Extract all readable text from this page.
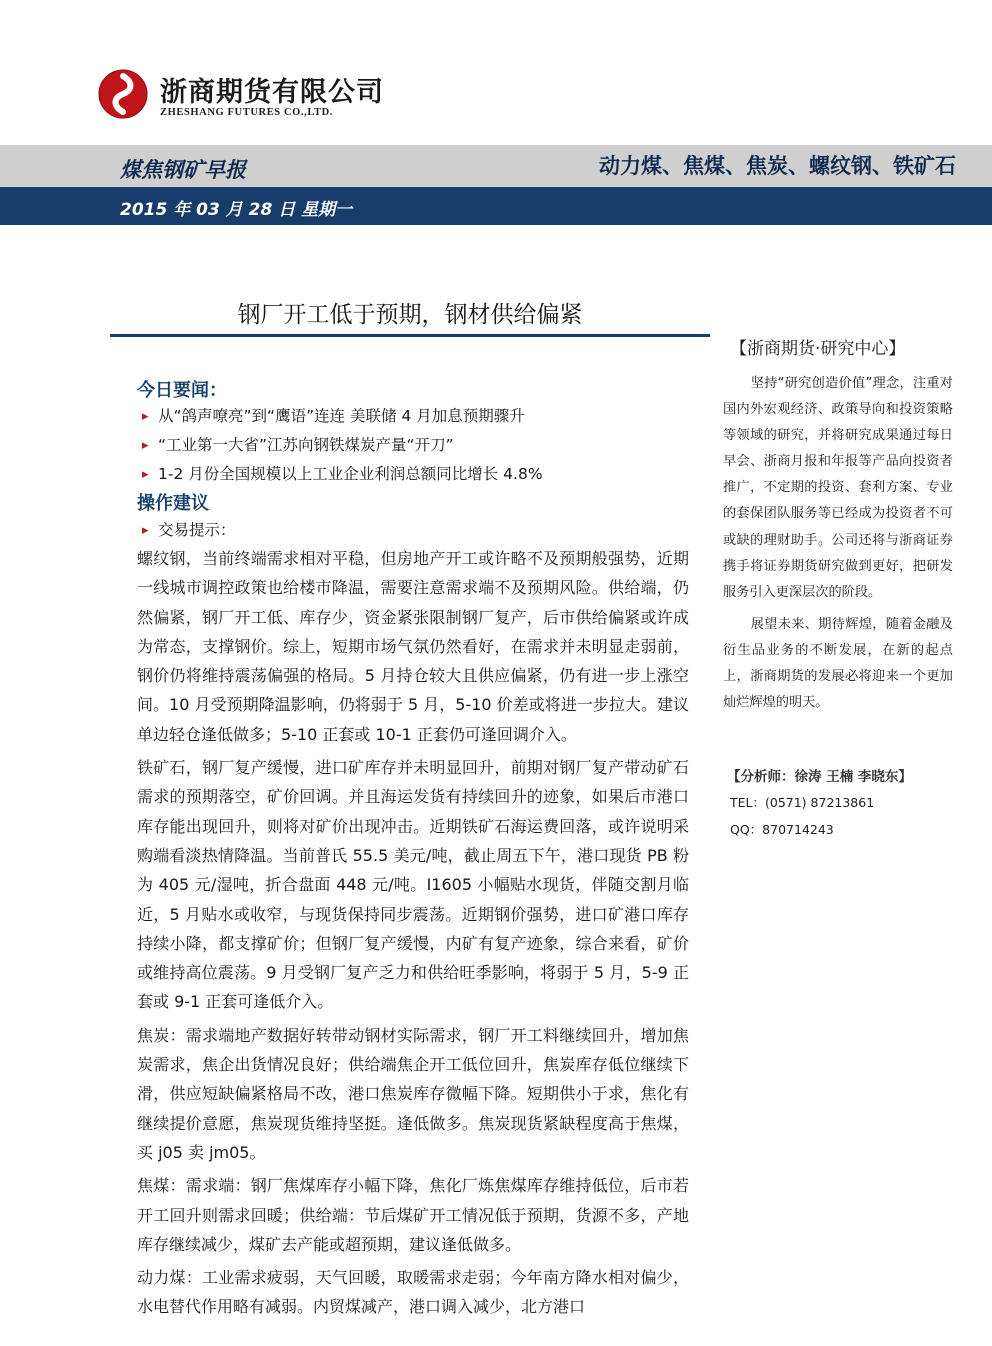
浙商期货有限公司
ZHESHANG FUTURES CO.,LTD.
煤焦钢矿早报	动力煤、焦煤、焦炭、螺纹钢、铁矿石
2015 年 03 月 28 日 星期一
钢厂开工低于预期，钢材供给偏紧
今日要闻：
▸ 从“鸽声嘹亮”到“鹰语”连连 美联储 4 月加息预期骤升
▸ “工业第一大省”江苏向钢铁煤炭产量“开刀”
▸ 1-2 月份全国规模以上工业企业利润总额同比增长 4.8%
操作建议
▸ 交易提示：

螺纹钢，当前终端需求相对平稳，但房地产开工或许略不及预期般强势，近期一线城市调控政策也给楼市降温，需要注意需求端不及预期风险。供给端，仍然偏紧，钢厂开工低、库存少，资金紧张限制钢厂复产，后市供给偏紧或许成为常态，支撑钢价。综上，短期市场气氛仍然看好，在需求并未明显走弱前，钢价仍将维持震荡偏强的格局。5 月持仓较大且供应偏紧，仍有进一步上涨空间。10 月受预期降温影响，仍将弱于 5 月，5-10 价差或将进一步拉大。建议单边轻仓逢低做多；5-10 正套或 10-1 正套仍可逢回调介入。

铁矿石，钢厂复产缓慢，进口矿库存并未明显回升，前期对钢厂复产带动矿石需求的预期落空，矿价回调。并且海运发货有持续回升的迹象，如果后市港口库存能出现回升，则将对矿价出现冲击。近期铁矿石海运费回落，或许说明采购端看淡热情降温。当前普氏 55.5 美元/吨，截止周五下午，港口现货 PB 粉为 405 元/湿吨，折合盘面 448 元/吨。I1605 小幅贴水现货，伴随交割月临近，5 月贴水或收窄，与现货保持同步震荡。近期钢价强势，进口矿港口库存持续小降，都支撑矿价；但钢厂复产缓慢，内矿有复产迹象，综合来看，矿价或维持高位震荡。9 月受钢厂复产乏力和供给旺季影响，将弱于 5 月，5-9 正套或 9-1 正套可逢低介入。

焦炭：需求端地产数据好转带动钢材实际需求，钢厂开工料继续回升，增加焦炭需求，焦企出货情况良好；供给端焦企开工低位回升，焦炭库存低位继续下滑，供应短缺偏紧格局不改，港口焦炭库存微幅下降。短期供小于求，焦化有继续提价意愿，焦炭现货维持坚挺。逢低做多。焦炭现货紧缺程度高于焦煤，买 j05 卖 jm05。

焦煤：需求端：钢厂焦煤库存小幅下降，焦化厂炼焦煤库存维持低位，后市若开工回升则需求回暖；供给端：节后煤矿开工情况低于预期，货源不多，产地库存继续减少，煤矿去产能或超预期，建议逢低做多。

动力煤：工业需求疲弱，天气回暖，取暖需求走弱；今年南方降水相对偏少，水电替代作用略有减弱。内贸煤减产，港口调入减少，北方港口

【浙商期货·研究中心】

坚持“研究创造价值”理念，注重对国内外宏观经济、政策导向和投资策略等领域的研究，并将研究成果通过每日早会、浙商月报和年报等产品向投资者推广，不定期的投资、套利方案、专业的套保团队服务等已经成为投资者不可或缺的理财助手。公司还将与浙商证券携手将证券期货研究做到更好，把研发服务引入更深层次的阶段。

展望未来、期待辉煌，随着金融及衍生品业务的不断发展，在新的起点上，浙商期货的发展必将迎来一个更加灿烂辉煌的明天。

【分析师：徐涛 王楠 李晓东】
TEL：(0571) 87213861
QQ：870714243
